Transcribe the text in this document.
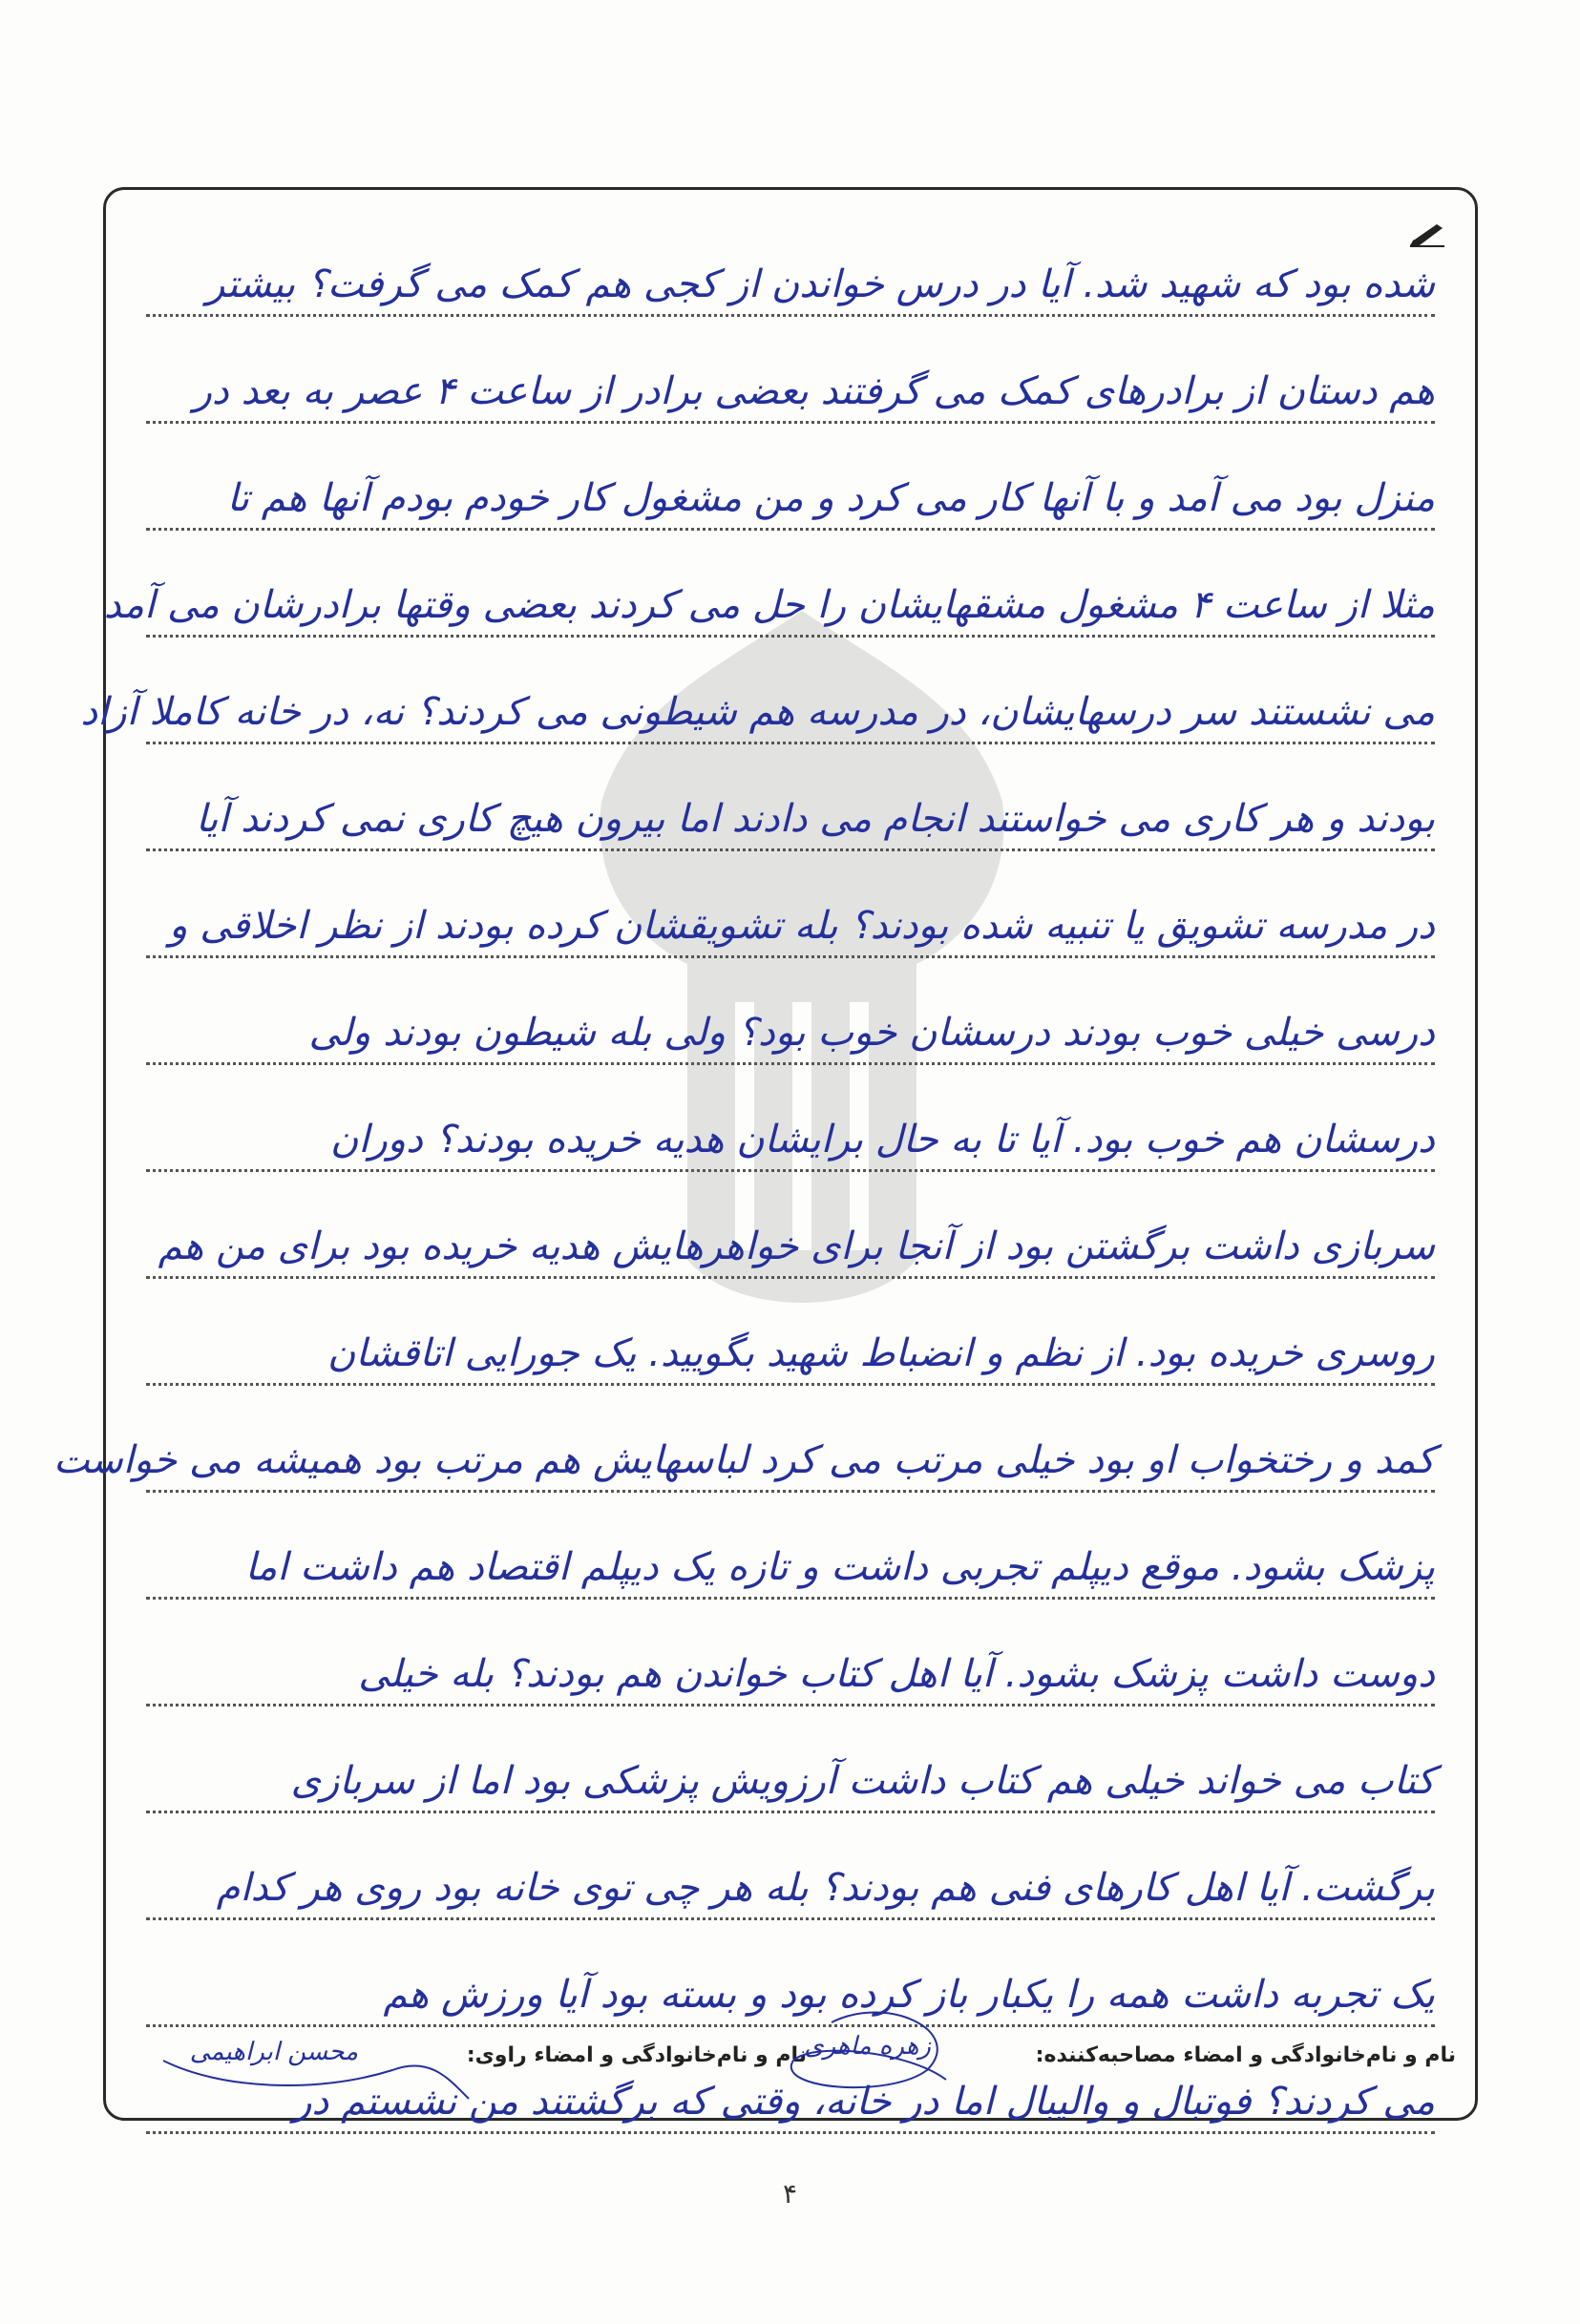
شده بود که شهید شد. آیا در درس خواندن از کجی هم کمک می گرفت؟ بیشتر
هم دستان از برادرهای کمک می گرفتند بعضی برادر از ساعت ۴ عصر به بعد در
منزل بود می آمد و با آنها کار می کرد و من مشغول کار خودم بودم آنها هم تا
مثلا از ساعت ۴ مشغول مشقهایشان را حل می کردند بعضی وقتها برادرشان می آمد
می نشستند سر درسهایشان، در مدرسه هم شیطونی می کردند؟ نه، در خانه کاملا آزاد
بودند و هر کاری می خواستند انجام می دادند اما بیرون هیچ کاری نمی کردند آیا
در مدرسه تشویق یا تنبیه شده بودند؟ بله تشویقشان کرده بودند از نظر اخلاقی و
درسی خیلی خوب بودند درسشان خوب بود؟ ولی بله شیطون بودند ولی
درسشان هم خوب بود. آیا تا به حال برایشان هدیه خریده بودند؟ دوران
سربازی داشت برگشتن بود از آنجا برای خواهرهایش هدیه خریده بود برای من هم
روسری خریده بود. از نظم و انضباط شهید بگویید. یک جورایی اتاقشان
کمد و رختخواب او بود خیلی مرتب می کرد لباسهایش هم مرتب بود همیشه می خواست
پزشک بشود. موقع دیپلم تجربی داشت و تازه یک دیپلم اقتصاد هم داشت اما
دوست داشت پزشک بشود. آیا اهل کتاب خواندن هم بودند؟ بله خیلی
کتاب می خواند خیلی هم کتاب داشت آرزویش پزشکی بود اما از سربازی
برگشت. آیا اهل کارهای فنی هم بودند؟ بله هر چی توی خانه بود روی هر کدام
یک تجربه داشت همه را یکبار باز کرده بود و بسته بود آیا ورزش هم
می کردند؟ فوتبال و والیبال اما در خانه، وقتی که برگشتند من نشستم در
نام و نام‌خانوادگی و امضاء مصاحبه‌کننده:
زهره ماهری
نام و نام‌خانوادگی و امضاء راوی:
محسن ابراهیمی
۴
